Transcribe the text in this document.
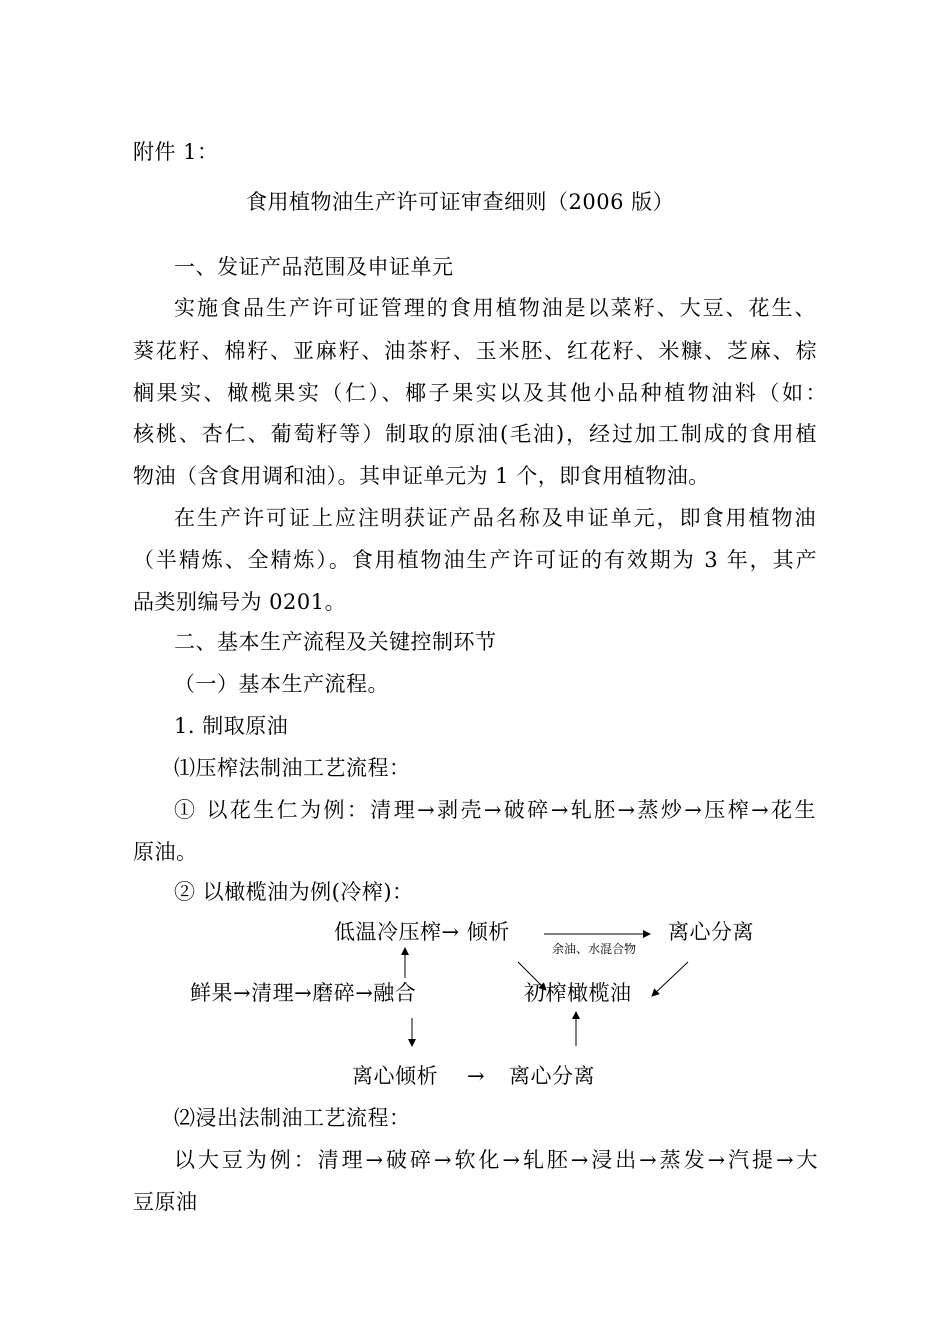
附件 1：
食用植物油生产许可证审查细则（2006 版）
一、发证产品范围及申证单元
实施食品生产许可证管理的食用植物油是以菜籽、大豆、花生、
葵花籽、棉籽、亚麻籽、油茶籽、玉米胚、红花籽、米糠、芝麻、棕
榈果实、橄榄果实（仁）、椰子果实以及其他小品种植物油料（如：
核桃、杏仁、葡萄籽等）制取的原油(毛油)，经过加工制成的食用植
物油（含食用调和油）。其申证单元为 1 个，即食用植物油。
在生产许可证上应注明获证产品名称及申证单元，即食用植物油
（半精炼、全精炼）。食用植物油生产许可证的有效期为 3 年，其产
品类别编号为 0201。
二、基本生产流程及关键控制环节
（一）基本生产流程。
1. 制取原油
⑴压榨法制油工艺流程：
① 以花生仁为例：清理→剥壳→破碎→轧胚→蒸炒→压榨→花生
原油。
② 以橄榄油为例(冷榨)：
低温冷压榨→ 倾析	离心分离
余油、水混合物
鲜果→清理→磨碎→融合	初榨橄榄油
离心倾析 → 离心分离
⑵浸出法制油工艺流程：
以大豆为例：清理→破碎→软化→轧胚→浸出→蒸发→汽提→大
豆原油
